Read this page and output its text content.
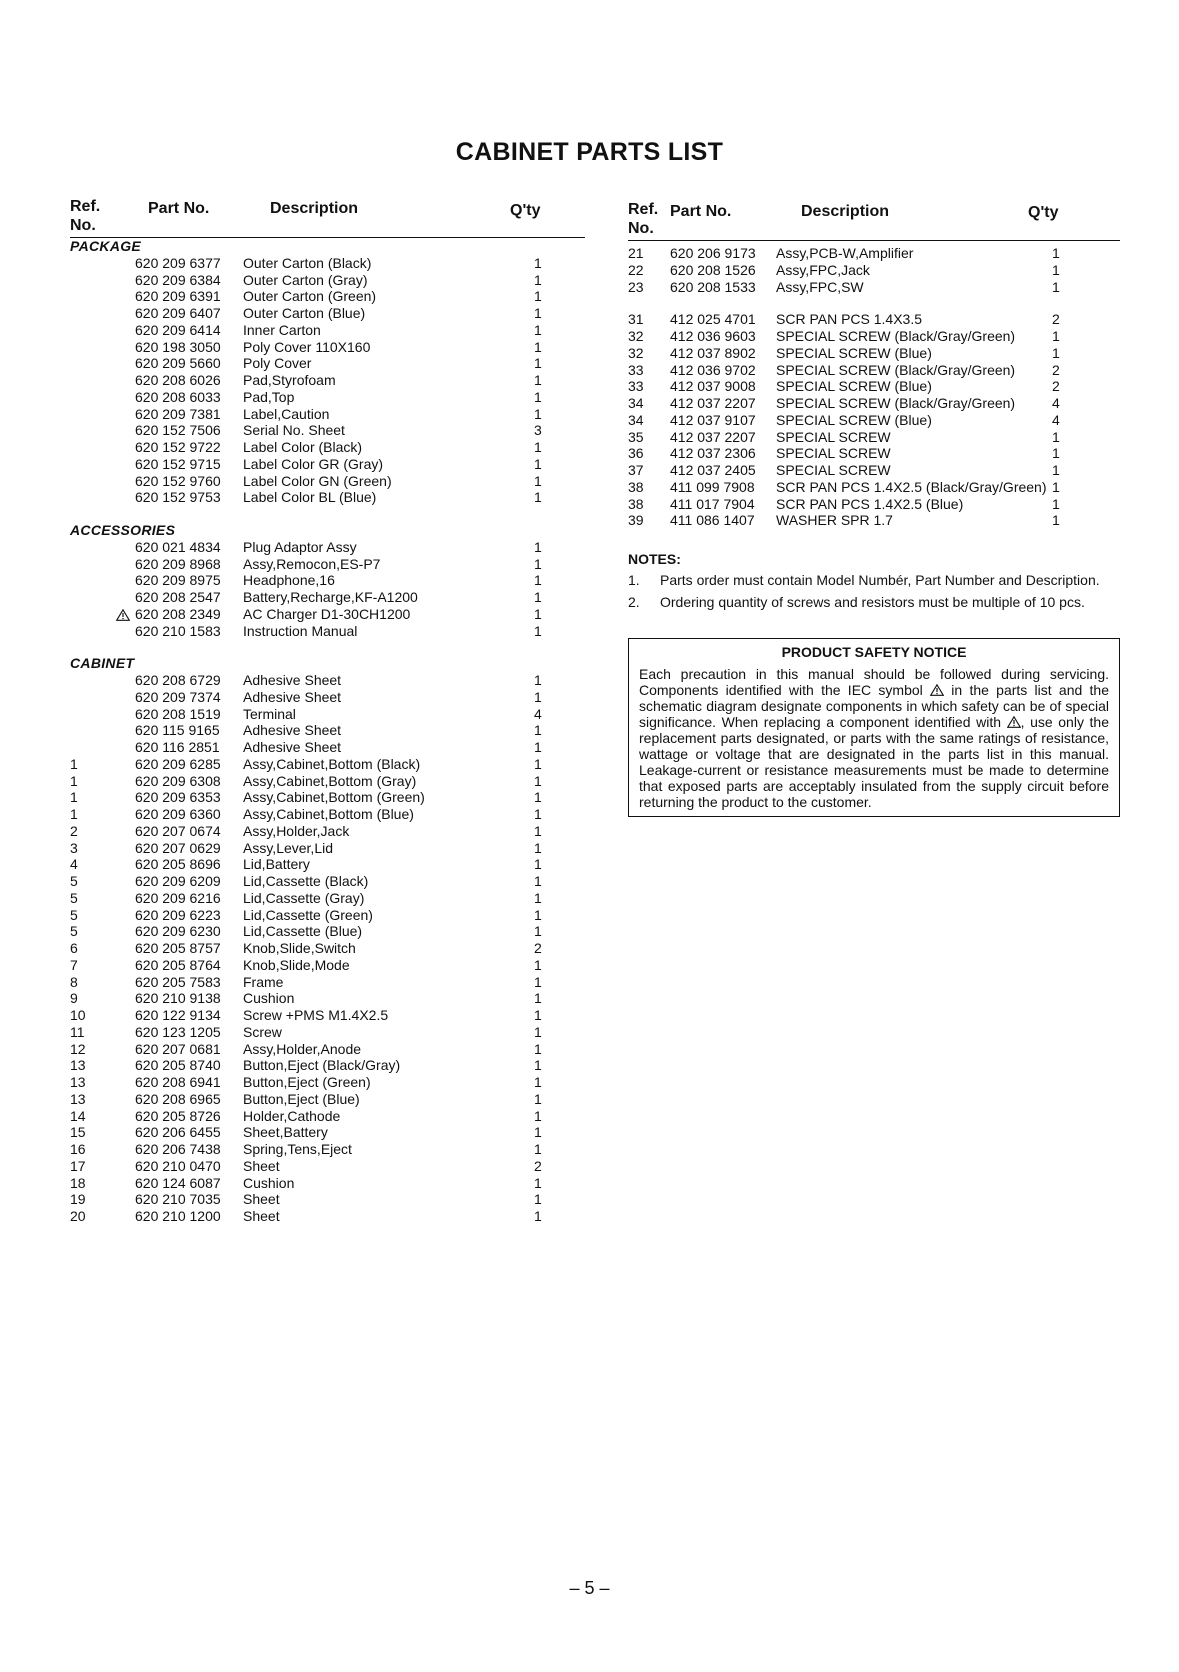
CABINET PARTS LIST
Ref.
No.
Part No.	Description	Q'ty
PACKAGE
620 209 6377 Outer Carton (Black)	1
620 209 6384 Outer Carton (Gray)	1
620 209 6391 Outer Carton (Green)	1
620 209 6407 Outer Carton (Blue)	1
620 209 6414 Inner Carton	1
620 198 3050 Poly Cover 110X160	1
620 209 5660 Poly Cover	1
620 208 6026 Pad,Styrofoam	1
620 208 6033 Pad,Top	1
620 209 7381 Label,Caution	1
620 152 7506 Serial No. Sheet	3
620 152 9722 Label Color (Black)	1
620 152 9715 Label Color GR (Gray)	1
620 152 9760 Label Color GN (Green)	1
620 152 9753 Label Color BL (Blue)	1
ACCESSORIES
620 021 4834 Plug Adaptor Assy	1
620 209 8968 Assy,Remocon,ES-P7	1
620 209 8975 Headphone,16	1
620 208 2547 Battery,Recharge,KF-A1200	1
620 208 2349 AC Charger D1-30CH1200	1
620 210 1583 Instruction Manual	1
CABINET
620 208 6729 Adhesive Sheet	1
620 209 7374 Adhesive Sheet	1
620 208 1519 Terminal	4
620 115 9165 Adhesive Sheet	1
620 116 2851 Adhesive Sheet	1
1	620 209 6285 Assy,Cabinet,Bottom (Black)	1
1	620 209 6308 Assy,Cabinet,Bottom (Gray)	1
1	620 209 6353 Assy,Cabinet,Bottom (Green)	1
1	620 209 6360 Assy,Cabinet,Bottom (Blue)	1
2	620 207 0674 Assy,Holder,Jack	1
3	620 207 0629 Assy,Lever,Lid	1
4	620 205 8696 Lid,Battery	1
5	620 209 6209 Lid,Cassette (Black)	1
5	620 209 6216 Lid,Cassette (Gray)	1
5	620 209 6223 Lid,Cassette (Green)	1
5	620 209 6230 Lid,Cassette (Blue)	1
6	620 205 8757 Knob,Slide,Switch	2
7	620 205 8764 Knob,Slide,Mode	1
8	620 205 7583 Frame	1
9	620 210 9138 Cushion	1
10	620 122 9134 Screw +PMS M1.4X2.5	1
11	620 123 1205 Screw	1
12	620 207 0681 Assy,Holder,Anode	1
13	620 205 8740 Button,Eject (Black/Gray)	1
13	620 208 6941 Button,Eject (Green)	1
13	620 208 6965 Button,Eject (Blue)	1
14	620 205 8726 Holder,Cathode	1
15	620 206 6455 Sheet,Battery	1
16	620 206 7438 Spring,Tens,Eject	1
17	620 210 0470 Sheet	2
18	620 124 6087 Cushion	1
19	620 210 7035 Sheet	1
20	620 210 1200 Sheet	1
Ref.
No.
Part No.	Description	Q'ty
21 620 206 9173 Assy,PCB-W,Amplifier	1
22 620 208 1526 Assy,FPC,Jack	1
23 620 208 1533 Assy,FPC,SW	1
31 412 025 4701 SCR PAN PCS 1.4X3.5	2
32 412 036 9603 SPECIAL SCREW (Black/Gray/Green)	1
32 412 037 8902 SPECIAL SCREW (Blue)	1
33 412 036 9702 SPECIAL SCREW (Black/Gray/Green)	2
33 412 037 9008 SPECIAL SCREW (Blue)	2
34 412 037 2207 SPECIAL SCREW (Black/Gray/Green)	4
34 412 037 9107 SPECIAL SCREW (Blue)	4
35 412 037 2207 SPECIAL SCREW	1
36 412 037 2306 SPECIAL SCREW	1
37 412 037 2405 SPECIAL SCREW	1
38 411 099 7908 SCR PAN PCS 1.4X2.5 (Black/Gray/Green) 1
38 411 017 7904 SCR PAN PCS 1.4X2.5 (Blue)	1
39 411 086 1407 WASHER SPR 1.7	1
NOTES:
1. Parts order must contain Model Numbér, Part Number and Description.
2. Ordering quantity of screws and resistors must be multiple of 10 pcs.
PRODUCT SAFETY NOTICE
Each precaution in this manual should be followed during servicing. Components identified with the IEC symbol in the parts list and the schematic diagram designate components in which safety can be of special significance. When replacing a component identified with , use only the replacement parts designated, or parts with the same ratings of resistance, wattage or voltage that are designated in the parts list in this manual. Leakage-current or resistance measurements must be made to determine that exposed parts are acceptably insulated from the supply circuit before returning the product to the customer.
– 5 –
